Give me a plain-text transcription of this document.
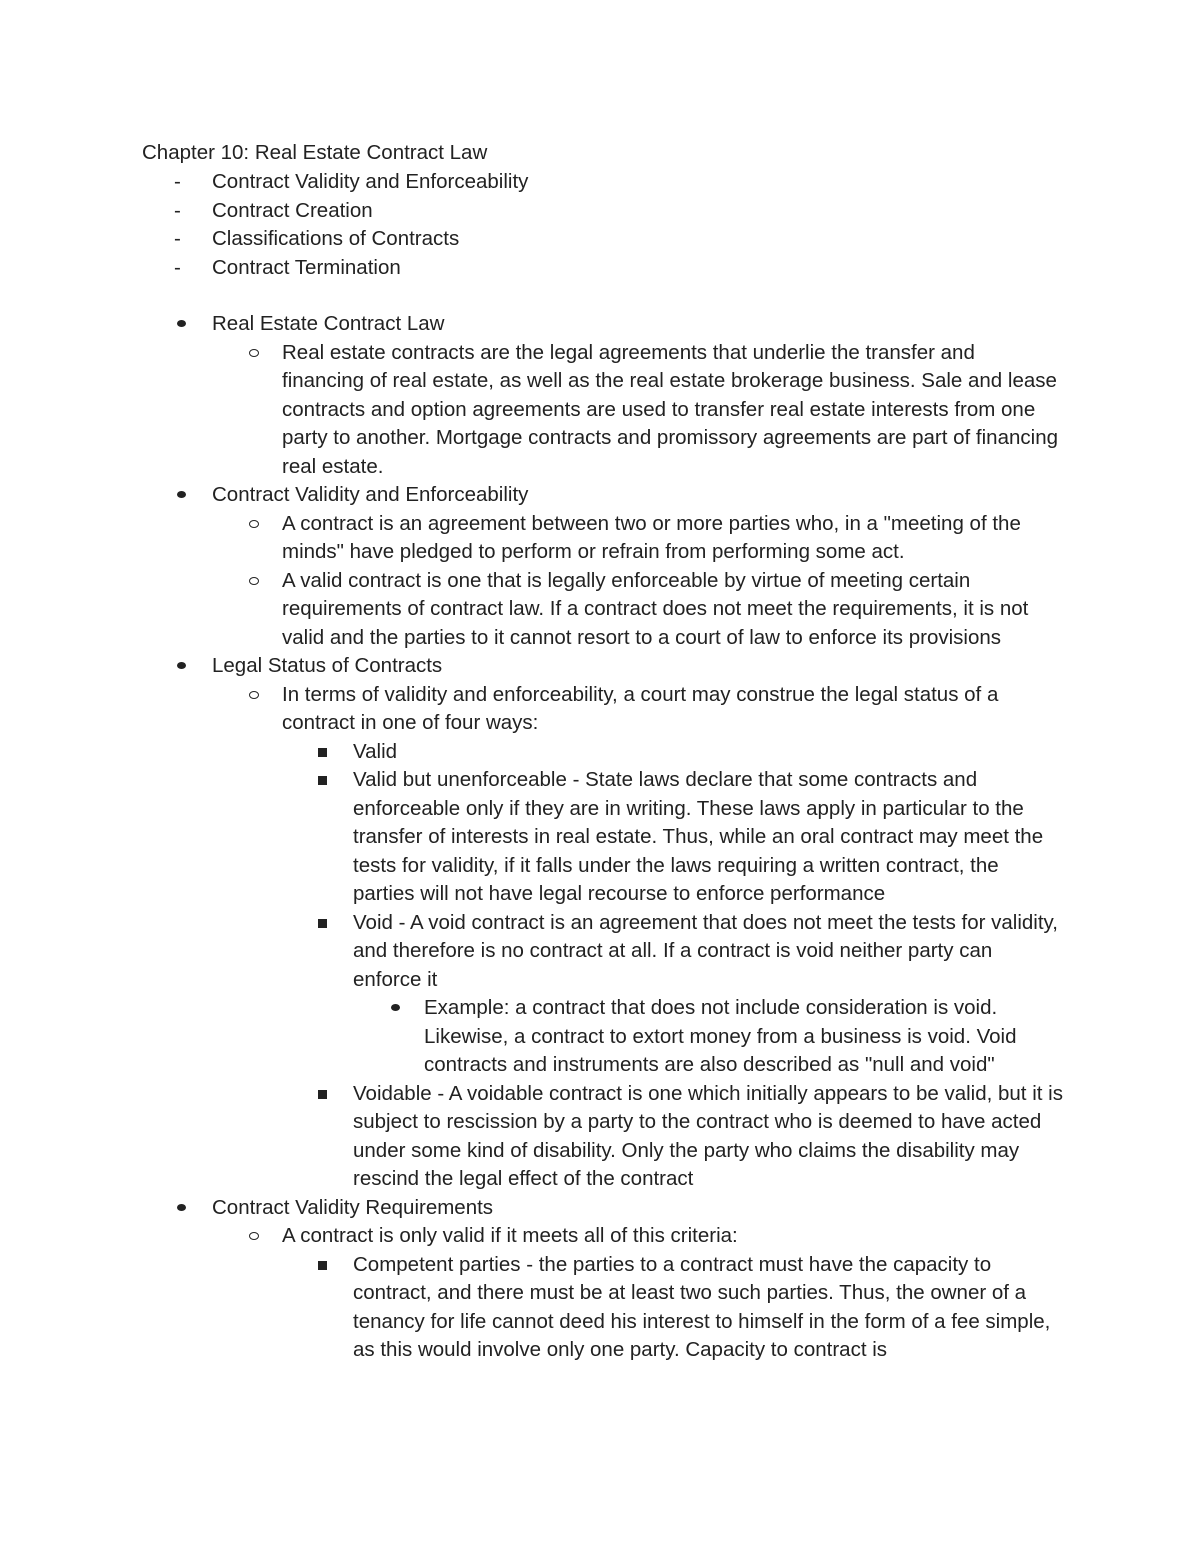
Chapter 10: Real Estate Contract Law
- Contract Validity and Enforceability
- Contract Creation
- Classifications of Contracts
- Contract Termination
Real Estate Contract Law
Real estate contracts are the legal agreements that underlie the transfer and financing of real estate, as well as the real estate brokerage business. Sale and lease contracts and option agreements are used to transfer real estate interests from one party to another. Mortgage contracts and promissory agreements are part of financing real estate.
Contract Validity and Enforceability
A contract is an agreement between two or more parties who, in a "meeting of the minds" have pledged to perform or refrain from performing some act.
A valid contract is one that is legally enforceable by virtue of meeting certain requirements of contract law. If a contract does not meet the requirements, it is not valid and the parties to it cannot resort to a court of law to enforce its provisions
Legal Status of Contracts
In terms of validity and enforceability, a court may construe the legal status of a contract in one of four ways:
Valid
Valid but unenforceable - State laws declare that some contracts and enforceable only if they are in writing. These laws apply in particular to the transfer of interests in real estate. Thus, while an oral contract may meet the tests for validity, if it falls under the laws requiring a written contract, the parties will not have legal recourse to enforce performance
Void - A void contract is an agreement that does not meet the tests for validity, and therefore is no contract at all. If a contract is void neither party can enforce it
Example: a contract that does not include consideration is void. Likewise, a contract to extort money from a business is void. Void contracts and instruments are also described as "null and void"
Voidable - A voidable contract is one which initially appears to be valid, but it is subject to rescission by a party to the contract who is deemed to have acted under some kind of disability. Only the party who claims the disability may rescind the legal effect of the contract
Contract Validity Requirements
A contract is only valid if it meets all of this criteria:
Competent parties - the parties to a contract must have the capacity to contract, and there must be at least two such parties. Thus, the owner of a tenancy for life cannot deed his interest to himself in the form of a fee simple, as this would involve only one party. Capacity to contract is
